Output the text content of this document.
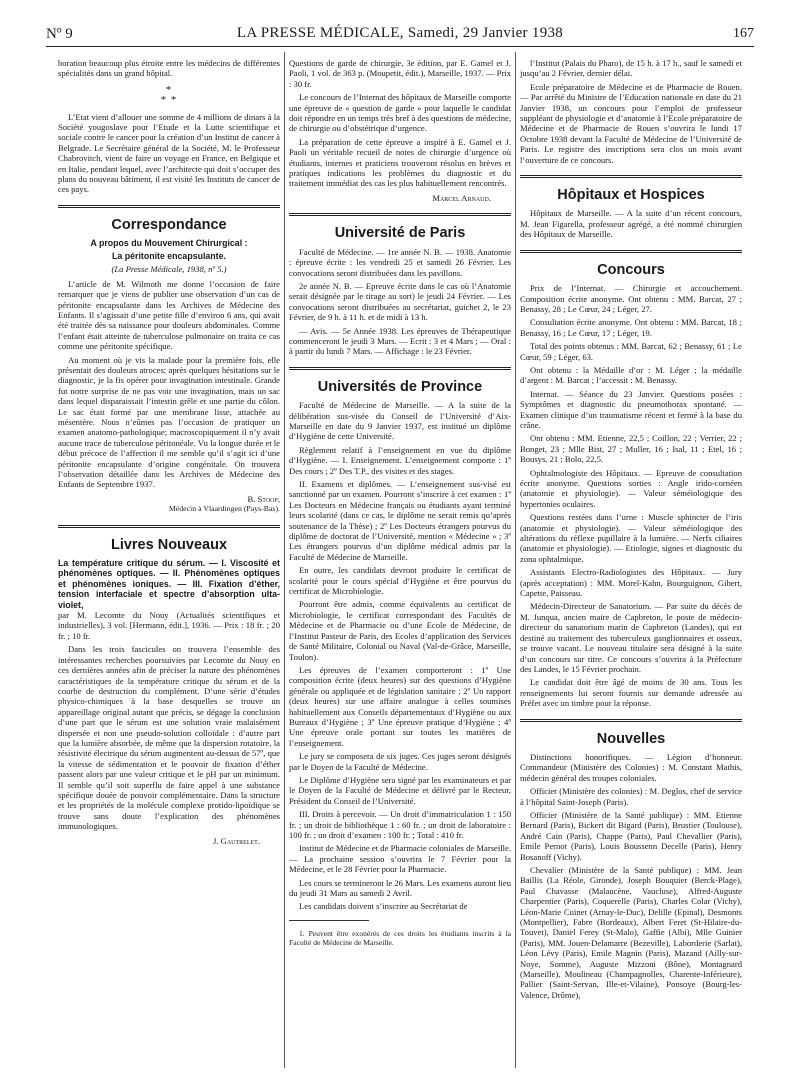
Nº 9	LA PRESSE MÉDICALE, Samedi, 29 Janvier 1938	167

boration beaucoup plus étroite entre les médecins de différentes spécialités dans un grand hôpital.

*
* *

L’Etat vient d’allouer une somme de 4 millions de dinars à la Société yougoslave pour l’Etude et la Lutte scientifique et sociale contre le cancer pour la création d’un Institut de cancer à Belgrade. Le Secrétaire général de la Société, M. le Professeur Chabrovitch, vient de faire un voyage en France, en Belgique et en Italie, pendant lequel, avec l’architecte qui doit s’occuper des plans du nouveau bâtiment, il est visité les Instituts de cancer de ces pays.

Correspondance
A propos du Mouvement Chirurgical :
La péritonite encapsulante.
(La Presse Médicale, 1938, nº 5.)

L’article de M. Wilmoth me donne l’occasion de faire remarquer que je viens de publier une observation d’un cas de péritonite encapsulante dans les Archives de Médecine des Enfants. Il s’agissait d’une petite fille d’environ 6 ans, qui avait été traitée dès sa naissance pour douleurs abdominales. Comme l’enfant était atteinte de tuberculose pulmonaire on traita ce cas comme une péritonite spécifique.

Au moment où je vis la malade pour la première fois, elle présentait des douleurs atroces; après quelques hésitations sur le diagnostic, je la fis opérer pour invagination intestinale. Grande fut notre surprise de ne pas voir une invagination, mais un sac dans lequel disparaissait l’intestin grêle et une partie du côlon. Le sac était formé par une membrane lisse, attachée au mésentère. Nous n’eûmes pas l’occasion de pratiquer un examen anatomo-pathologique; macroscopiquement il n’y avait aucune trace de tuberculose péritonéale. Vu la longue durée et le début précoce de l’affection il me semble qu’il s’agit ici d’une péritonite encapsulante d’origine congénitale. On trouvera l’observation détaillée dans les Archives de Médecine des Enfants de Septembre 1937.

B. Stoop,
Médecin à Vlaardingen (Pays-Bas).
Livres Nouveaux

La température critique du sérum. — I. Viscosité et phénomènes optiques. — II. Phénomènes optiques et phénomènes ioniques. — III. Fixation d’éther, tension interfaciale et spectre d’absorption ulta-violet,

par M. Lecomte du Nouy (Actualités scientifiques et industrielles), 3 vol. [Hermann, édit.], 1936. — Prix : 18 fr. ; 20 fr. ; 10 fr.

Dans les trois fascicules on trouvera l’ensemble des intéressantes recherches poursuivies par Lecomte du Nouy en ces dernières années afin de préciser la nature des phénomènes caractéristiques de la température critique du sérum et de la courbe de destruction du complément. D’une série d’études physico-chimiques à la base desquelles se trouve un appareillage original autant que précis, se dégage la conclusion d’une part que le sérum est une solution vraie malaisément dispersée et non une pseudo-solution colloïdale : d’autre part que la lumière absorbée, de même que la dispersion rotatoire, la résistivité électrique du sérum augmentent au-dessus de 57º, que la vitesse de sédimentation et le pouvoir de fixation d’éther passent alors par une valeur critique et le pH par un minimum. Il semble qu’il soit superflu de faire appel à une substance spécifique douée de pouvoir complémentaire. Dans la structure et les propriétés de la molécule complexe protido-lipoïdique se trouve sans doute l’explication des phénomènes immunologiques.

J. Gautrelet.

Questions de garde de chirurgie, 3e édition, par E. Gamel et J. Paoli, 1 vol. de 363 p. (Moupetit, édit.), Marseille, 1937. — Prix : 30 fr.

Le concours de l’Internat des hôpitaux de Marseille comporte une épreuve de « question de garde » pour laquelle le candidat doit répondre en un temps très bref à des questions de médecine, de chirurgie ou d’obstétrique d’urgence.

La préparation de cette épreuve a inspiré à E. Gamel et J. Paoli un véritable recueil de notes de chirurgie d’urgence où étudiants, internes et praticiens trouveront résolus en brèves et pratiques indications les problèmes du diagnostic et du traitement immédiat des cas les plus habituellement rencontrés.

Marcel Arnaud.
Université de Paris

Faculté de Médecine. — 1re année N. B. — 1938. Anatomie : épreuve écrite : les vendredi 25 et samedi 26 Février. Les convocations seront distribuées dans les pavillons.

2e année N. B. — Epreuve écrite dans le cas où l’Anatomie serait désignée par le tirage au sort) le jeudi 24 Février. — Les convocations seront distribuées au secrétariat, guichet 2, le 23 Février, de 9 h. à 11 h. et de midi à 13 h.

— Avis. — 5e Année 1938. Les épreuves de Thérapeutique commenceront le jeudi 3 Mars. — Ecrit : 3 et 4 Mars ; — Oral : à partir du lundi 7 Mars. — Affichage : le 23 Février.

Universités de Province

Faculté de Médecine de Marseille. — A la suite de la délibération sus-visée du Conseil de l’Université d’Aix-Marseille en date du 9 Janvier 1937, est institué un diplôme d’Hygiène de cette Université.

Règlement relatif à l’enseignement en vue du diplôme d’Hygiène. — I. Enseignement. L’enseignement comporte : 1º Des cours ; 2º Des T.P., des visites et des stages.

II. Examens et diplômes. — L’enseignement sus-visé est sanctionné par un examen. Pourront s’inscrire à cet examen : 1º Les Docteurs en Médecine français ou étudiants ayant terminé leurs scolarité (dans ce cas, le diplôme ne serait remis qu’après soutenance de la Thèse) ; 2º Les Docteurs étrangers pourvus du diplôme de doctorat de l’Université, mention « Médecine » ; 3º Les étrangers pourvus d’un diplôme médical admis par la Faculté de Médecine de Marseille.

En outre, les candidats devront produire le certificat de scolarité pour le cours spécial d’Hygiène et être pourvus du certificat de Microbiologie.

Pourront être admis, comme équivalents au certificat de Microbiologie, le certificat correspondant des Facultés de Médecine et de Pharmacie ou d’une Ecole de Médecine, de l’Institut Pasteur de Paris, des Ecoles d’application des Services de Santé Militaire, Colonial ou Naval (Val-de-Grâce, Marseille, Toulon).

Les épreuves de l’examen comporteront : 1º Une composition écrite (deux heures) sur des questions d’Hygiène générale ou appliquée et de législation sanitaire ; 2º Un rapport (deux heures) sur une affaire analogue à celles soumises habituellement aux Conseils départementaux d’Hygiène ou aux Bureaux d’Hygiène ; 3º Une épreuve pratique d’Hygiène ; 4º Une épreuve orale portant sur toutes les matières de l’enseignement.

Le jury se composera de six juges. Ces juges seront désignés par le Doyen de la Faculté de Médecine.

Le Diplôme d’Hygiène sera signé par les examinateurs et par le Doyen de la Faculté de Médecine et délivré par le Recteur, Président du Conseil de l’Université.

III. Droits à percevoir. — Un droit d’immatriculation 1 : 150 fr. ; un droit de bibliothèque 1 : 60 fr. ; un droit de laboratoire : 100 fr. ; un droit d’examen : 100 fr. ; Total : 410 fr.

Institut de Médecine et de Pharmacie coloniales de Marseille. — La prochaine session s’ouvrira le 7 Février pour la Médecine, et le 28 Février pour la Pharmacie.

Les cours se termineront le 26 Mars. Les examens auront lieu du jeudi 31 Mars au samedi 2 Avril.

Les candidats doivent s’inscrire au Secrétariat de

1. Peuvent être exonérés de ces droits les étudiants inscrits à la Faculté de Médecine de Marseille.

l’Institut (Palais du Pharo), de 15 h. à 17 h., sauf le samedi et jusqu’au 2 Février, dernier délai.

Ecole préparatoire de Médecine et de Pharmacie de Rouen. — Par arrêté du Ministre de l’Education nationale en date du 21 Janvier 1938, un concours pour l’emploi de professeur suppléant de physiologie et d’anatomie à l’Ecole préparatoire de Médecine et de Pharmacie de Rouen s’ouvrira le lundi 17 Octobre 1938 devant la Faculté de Médecine de l’Université de Paris. Le registre des inscriptions sera clos un mois avant l’ouverture de ce concours.

Hôpitaux et Hospices

Hôpitaux de Marseille. — A la suite d’un récent concours, M. Jean Figarella, professeur agrégé, a été nommé chirurgien des Hôpitaux de Marseille.

Concours

Prix de l’Internat. — Chirurgie et accouchement. Composition écrite anonyme. Ont obtenu : MM. Barcat, 27 ; Benassy, 28 ; Le Cœur, 24 ; Léger, 27.

Consultation écrite anonyme. Ont obtenu : MM. Barcat, 18 ; Benassy, 16 ; Le Cœur, 17 ; Léger, 19.

Total des points obtenus : MM. Barcat, 62 ; Benassy, 61 ; Le Cœur, 59 ; Léger, 63.

Ont obtenu : la Médaille d’or : M. Léger ; la médaille d’argent : M. Barcat ; l’accessit : M. Benassy.

Internat. — Séance du 23 Janvier. Questions posées : Symptômes et diagnostic du pneumothorax spontané. — Examen clinique d’un traumatisme récent et fermé à la base du crâne.

Ont obtenu : MM. Etienne, 22,5 ; Coillon, 22 ; Verrier, 22 ; Bonget, 23 ; Mlle Bist, 27 ; Muller, 16 ; Isal, 11 ; Etel, 16 ; Bousys, 21 ; Bolo, 22,5.

Ophtalmologiste des Hôpitaux. — Epreuve de consultation écrite anonyme. Questions sorties : Angle irido-cornéen (anatomie et physiologie). — Valeur séméiologique des hypertonies oculaires.

Questions restées dans l’urne : Muscle sphincter de l’iris (anatomie et physiologie). — Valeur séméiologique des altérations du réflexe pupillaire à la lumière. — Nerfs ciliaires (anatomie et physiologie). — Etiologie, signes et diagnostic du zona ophtalmique.

Assistants Electro-Radiologistes des Hôpitaux. — Jury (après acceptation) : MM. Morel-Kahn, Bourguignon, Gibert, Capette, Paisseau.

Médecin-Directeur de Sanatorium. — Par suite du décès de M. Junqua, ancien maire de Capbreton, le poste de médecin-directeur du sanatorium marin de Capbreton (Landes), qui est destiné au traitement des tuberculeux ganglionnaires et osseux, se trouve vacant. Le nouveau titulaire sera désigné à la suite d’un concours sur titre. Ce concours s’ouvrira à la Préfecture des Landes, le 15 Février prochain.

Le candidat doit être âgé de moins de 30 ans. Tous les renseignements lui seront fournis sur demande adressée au Préfet avec un timbre pour la réponse.

Nouvelles

Distinctions honorifiques. — Légion d’honneur. Commandeur (Ministère des Colonies) : M. Constant Mathis, médecin général des troupes coloniales.

Officier (Ministère des colonies) : M. Deglos, chef de service à l’hôpital Saint-Joseph (Paris).

Officier (Ministère de la Santé publique) : MM. Etienne Bernard (Paris), Bickert dit Bigard (Paris), Brustier (Toulouse), André Cain (Paris), Chappe (Paris), Paul Chevallier (Paris), Emile Pernot (Paris), Louis Boussenn Decelle (Paris), Henry Bosanoff (Vichy).

Chevalier (Ministère de la Santé publique) : MM. Jean Baillis (La Réole, Gironde), Joseph Bouquier (Berck-Plage), Paul Chavasse (Malaucène, Vaucluse), Alfred-Auguste Charpentier (Paris), Coquerelle (Paris), Charles Colar (Vichy), Léon-Marie Cuinet (Arnay-le-Duc), Delille (Epinal), Desmonts (Montpellier), Fabre (Bordeaux), Albert Feret (St-Hilaire-du-Touvet), Daniel Ferey (St-Malo), Gaffie (Albi), Mlle Guinier (Paris), MM. Jouen-Delamarre (Bezeville), Laborderie (Sarlat), Léon Lévy (Paris), Emile Magnin (Paris), Mazand (Ailly-sur-Noye, Somme), Auguste Mizzoni (Bône), Montagnard (Marseille), Moulineau (Champagnolles, Charente-Inférieure), Pallier (Saint-Servan, Ille-et-Vilaine), Ponsoye (Bourg-les-Valence, Drôme),
